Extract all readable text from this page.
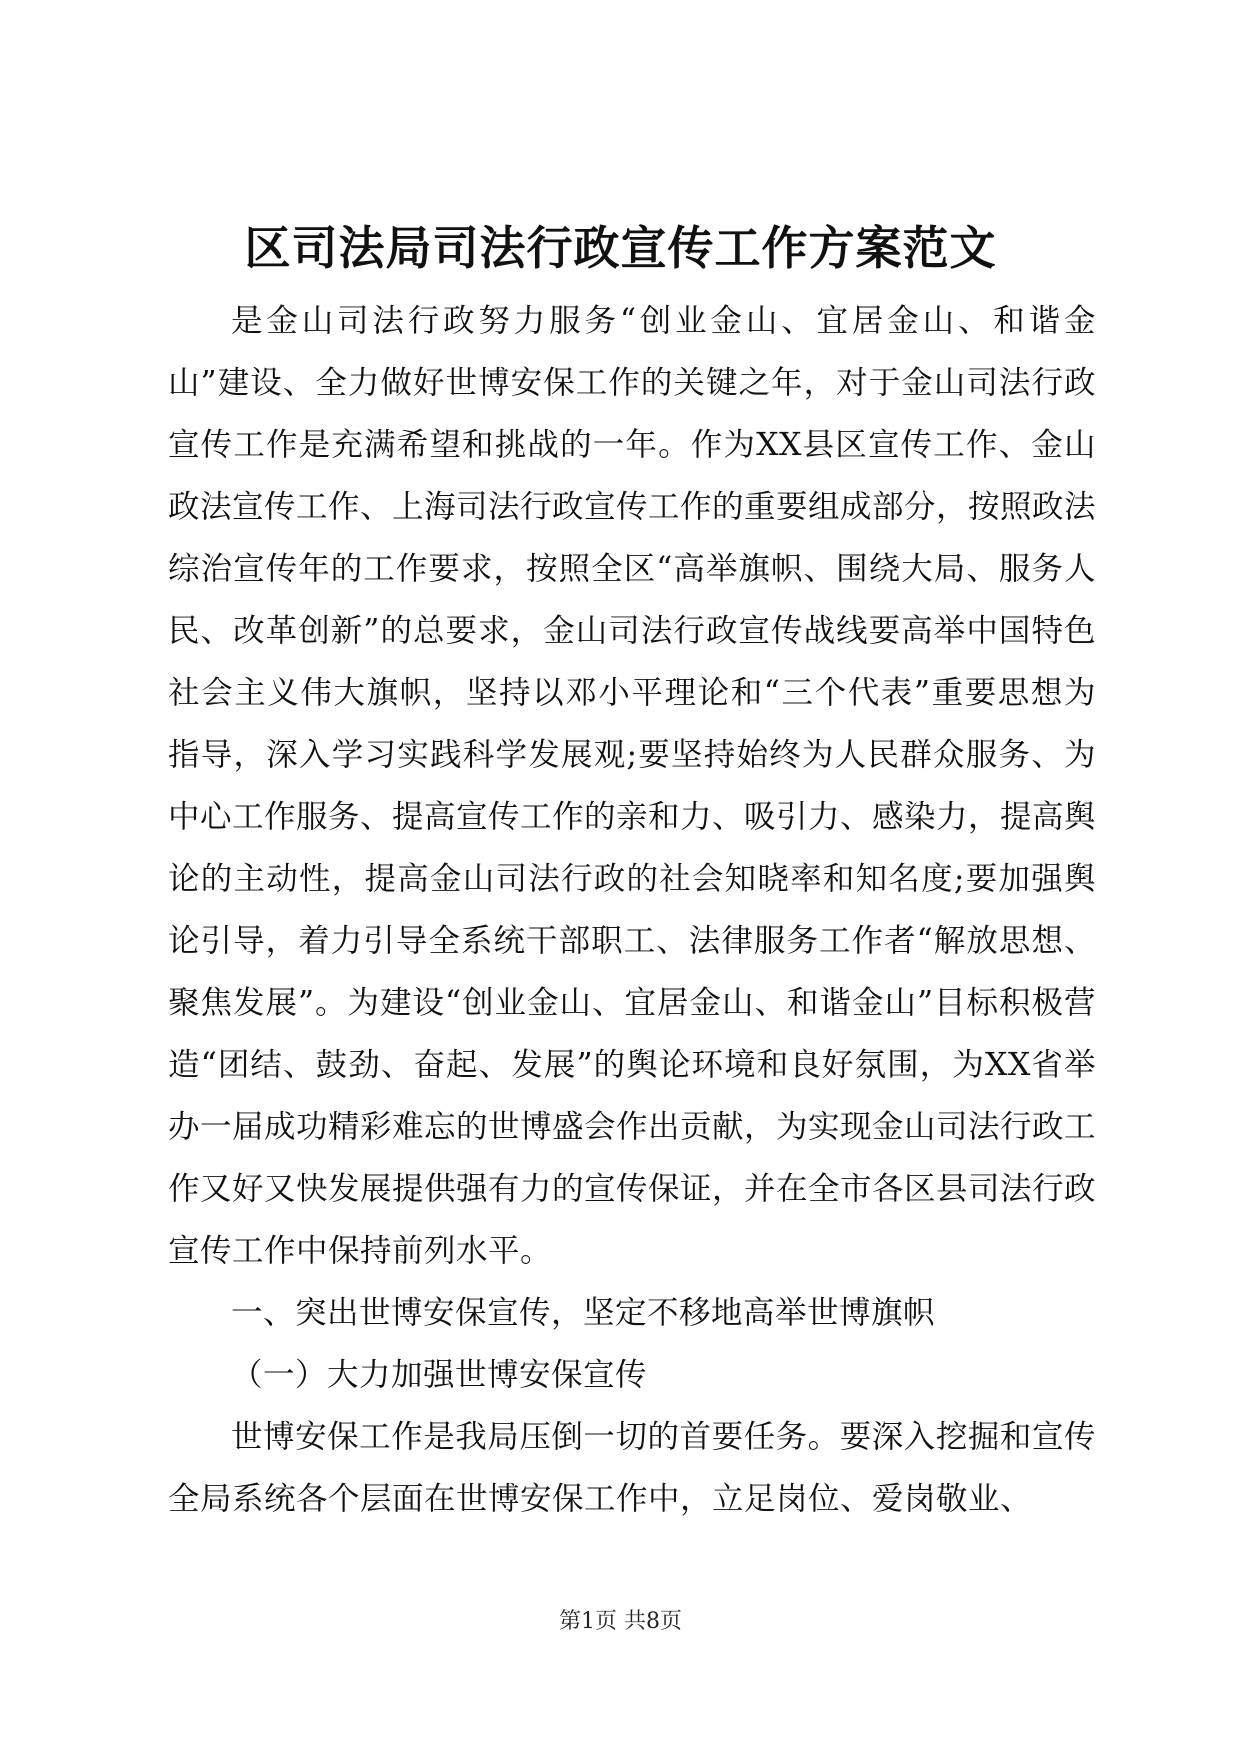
区司法局司法行政宣传工作方案范文

是金山司法行政努力服务“创业金山、宜居金山、和谐金山”建设、全力做好世博安保工作的关键之年，对于金山司法行政宣传工作是充满希望和挑战的一年。作为XX县区宣传工作、金山政法宣传工作、上海司法行政宣传工作的重要组成部分，按照政法综治宣传年的工作要求，按照全区“高举旗帜、围绕大局、服务人民、改革创新”的总要求，金山司法行政宣传战线要高举中国特色社会主义伟大旗帜，坚持以邓小平理论和“三个代表”重要思想为指导，深入学习实践科学发展观;要坚持始终为人民群众服务、为中心工作服务、提高宣传工作的亲和力、吸引力、感染力，提高舆论的主动性，提高金山司法行政的社会知晓率和知名度;要加强舆论引导，着力引导全系统干部职工、法律服务工作者“解放思想、聚焦发展”。为建设“创业金山、宜居金山、和谐金山”目标积极营造“团结、鼓劲、奋起、发展”的舆论环境和良好氛围，为XX省举办一届成功精彩难忘的世博盛会作出贡献，为实现金山司法行政工作又好又快发展提供强有力的宣传保证，并在全市各区县司法行政宣传工作中保持前列水平。

一、突出世博安保宣传，坚定不移地高举世博旗帜

（一）大力加强世博安保宣传

世博安保工作是我局压倒一切的首要任务。要深入挖掘和宣传全局系统各个层面在世博安保工作中，立足岗位、爱岗敬业、

第1页 共8页
